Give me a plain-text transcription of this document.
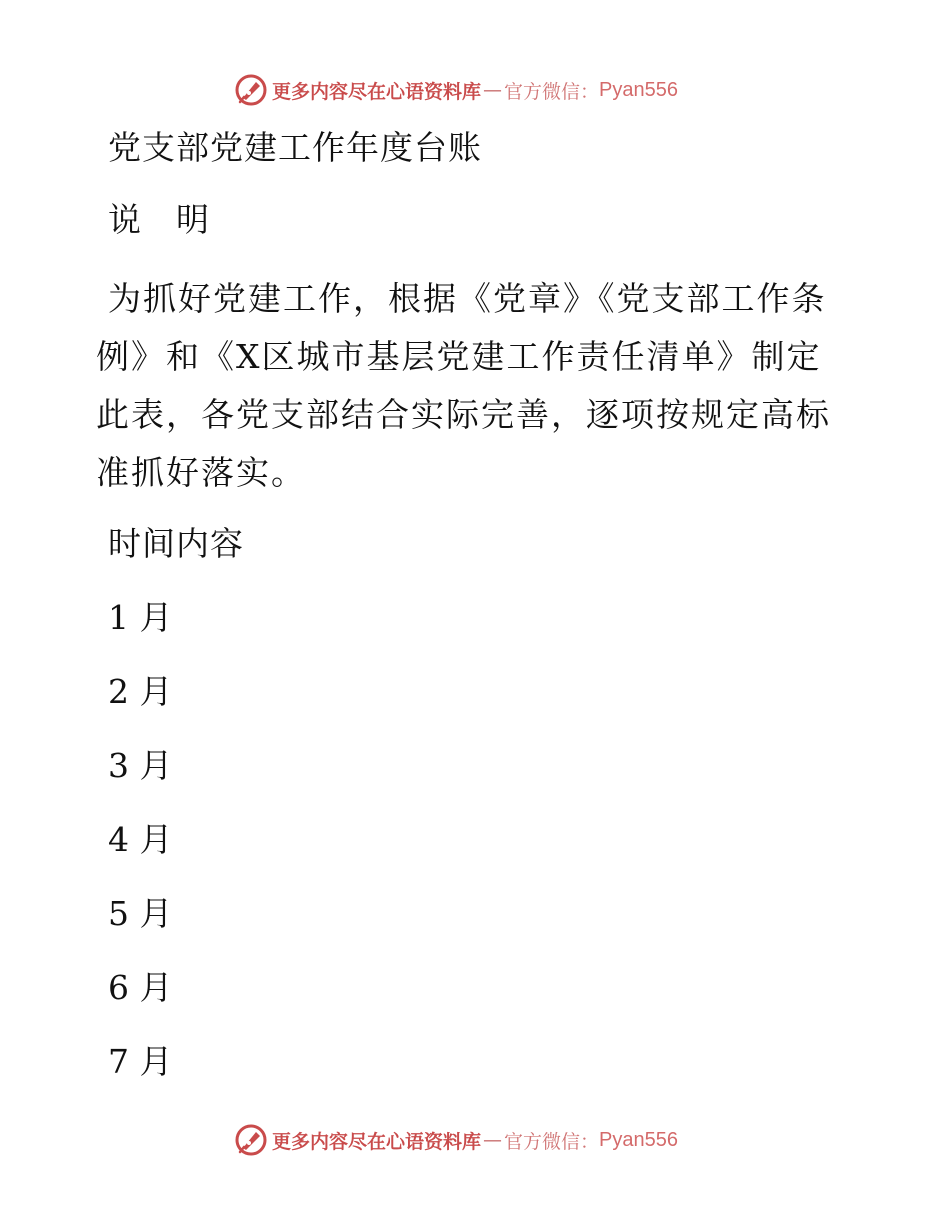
更多内容尽在心语资料库 — 官方微信： Pyan556
党支部党建工作年度台账
说　明

为抓好党建工作，根据《党章》《党支部工作条例》和《X区城市基层党建工作责任清单》制定此表，各党支部结合实际完善，逐项按规定高标准抓好落实。

时间内容
1 月
2 月
3 月
4 月
5 月
6 月
7 月
更多内容尽在心语资料库 — 官方微信： Pyan556
